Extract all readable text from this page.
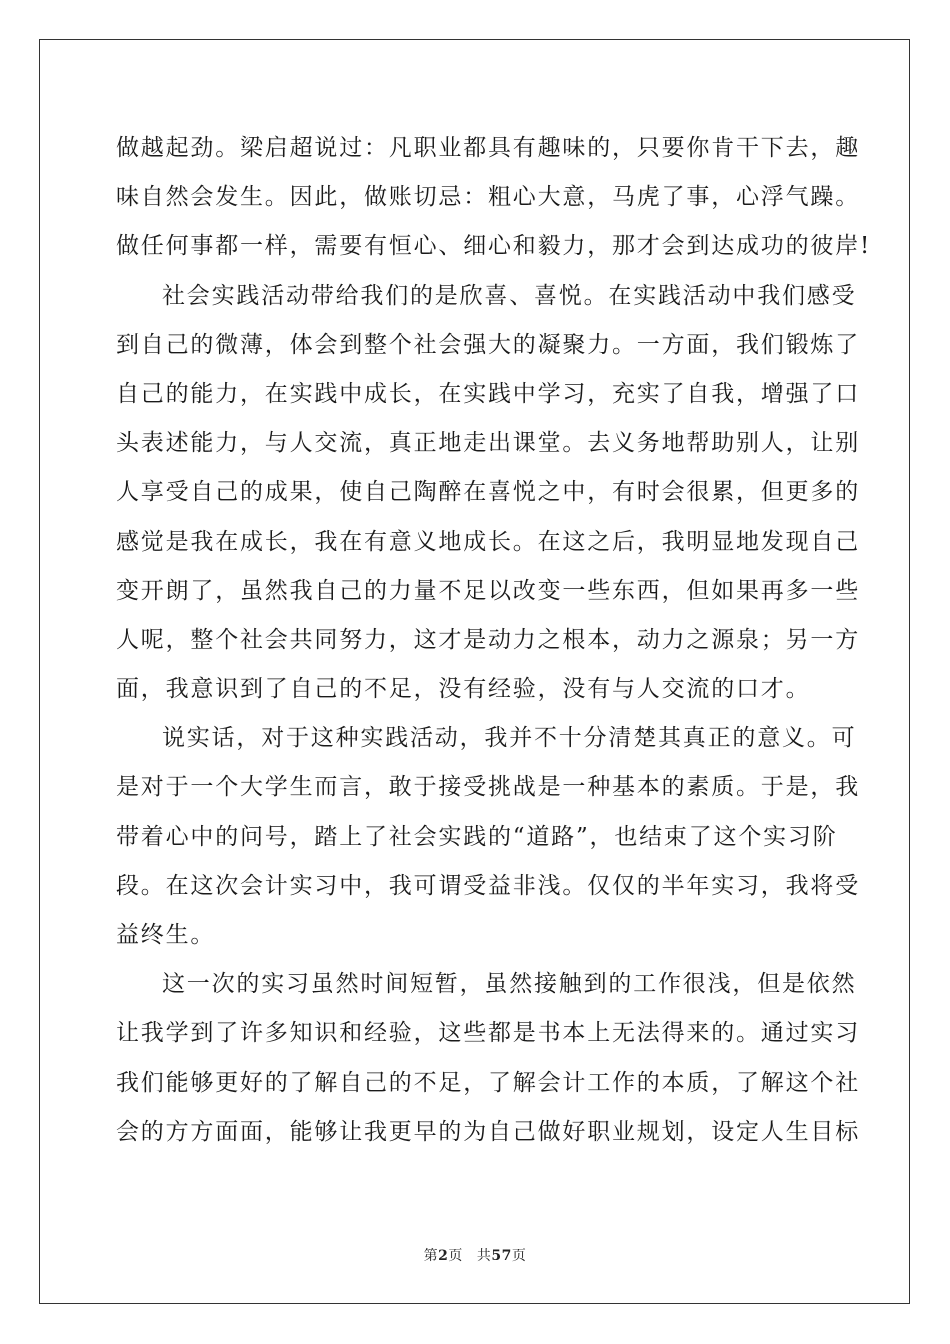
做越起劲。梁启超说过：凡职业都具有趣味的，只要你肯干下去，趣
味自然会发生。因此，做账切忌：粗心大意，马虎了事，心浮气躁。
做任何事都一样，需要有恒心、细心和毅力，那才会到达成功的彼岸!
社会实践活动带给我们的是欣喜、喜悦。在实践活动中我们感受
到自己的微薄，体会到整个社会强大的凝聚力。一方面，我们锻炼了
自己的能力，在实践中成长，在实践中学习，充实了自我，增强了口
头表述能力，与人交流，真正地走出课堂。去义务地帮助别人，让别
人享受自己的成果，使自己陶醉在喜悦之中，有时会很累，但更多的
感觉是我在成长，我在有意义地成长。在这之后，我明显地发现自己
变开朗了，虽然我自己的力量不足以改变一些东西，但如果再多一些
人呢，整个社会共同努力，这才是动力之根本，动力之源泉；另一方
面，我意识到了自己的不足，没有经验，没有与人交流的口才。
说实话，对于这种实践活动，我并不十分清楚其真正的意义。可
是对于一个大学生而言，敢于接受挑战是一种基本的素质。于是，我
带着心中的问号，踏上了社会实践的“道路”，也结束了这个实习阶
段。在这次会计实习中，我可谓受益非浅。仅仅的半年实习，我将受
益终生。
这一次的实习虽然时间短暂，虽然接触到的工作很浅，但是依然
让我学到了许多知识和经验，这些都是书本上无法得来的。通过实习
我们能够更好的了解自己的不足，了解会计工作的本质，了解这个社
会的方方面面，能够让我更早的为自己做好职业规划，设定人生目标
第2页 共57页
